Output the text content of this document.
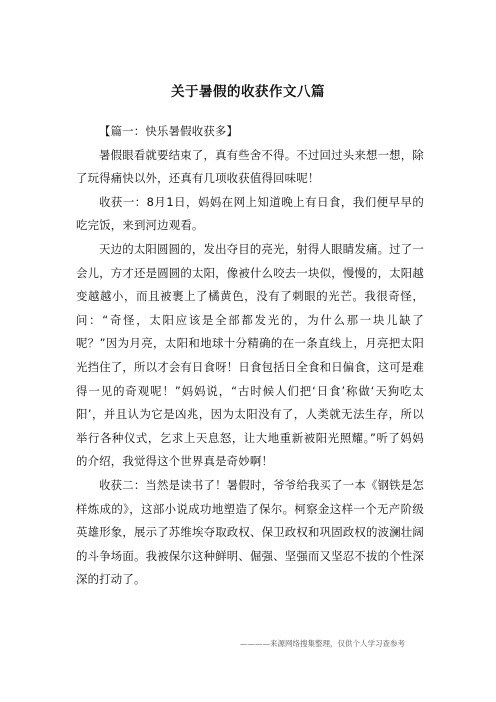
关于暑假的收获作文八篇

【篇一：快乐暑假收获多】

暑假眼看就要结束了，真有些舍不得。不过回过头来想一想，除了玩得痛快以外，还真有几项收获值得回味呢！

收获一：8月1日，妈妈在网上知道晚上有日食，我们便早早的吃完饭，来到河边观看。

天边的太阳圆圆的，发出夺目的亮光，射得人眼睛发痛。过了一会儿，方才还是圆圆的太阳，像被什么咬去一块似，慢慢的，太阳越变越越小，而且被裹上了橘黄色，没有了刺眼的光芒。我很奇怪，问：“奇怪，太阳应该是全部都发光的，为什么那一块儿缺了呢？”因为月亮，太阳和地球十分精确的在一条直线上，月亮把太阳光挡住了，所以才会有日食呀！日食包括日全食和日偏食，这可是难得一见的奇观呢！”妈妈说，“古时候人们把‘日食’称做‘天狗吃太阳’，并且认为它是凶兆，因为太阳没有了，人类就无法生存，所以举行各种仪式，乞求上天息怒，让大地重新被阳光照耀。”听了妈妈的介绍，我觉得这个世界真是奇妙啊！

收获二：当然是读书了！暑假时，爷爷给我买了一本《钢铁是怎样炼成的》，这部小说成功地塑造了保尔。柯察金这样一个无产阶级英雄形象，展示了苏维埃夺取政权、保卫政权和巩固政权的波澜壮阔的斗争场面。我被保尔这种鲜明、倔强、坚强而又坚忍不拔的个性深深的打动了。

————来源网络搜集整理，仅供个人学习查参考
